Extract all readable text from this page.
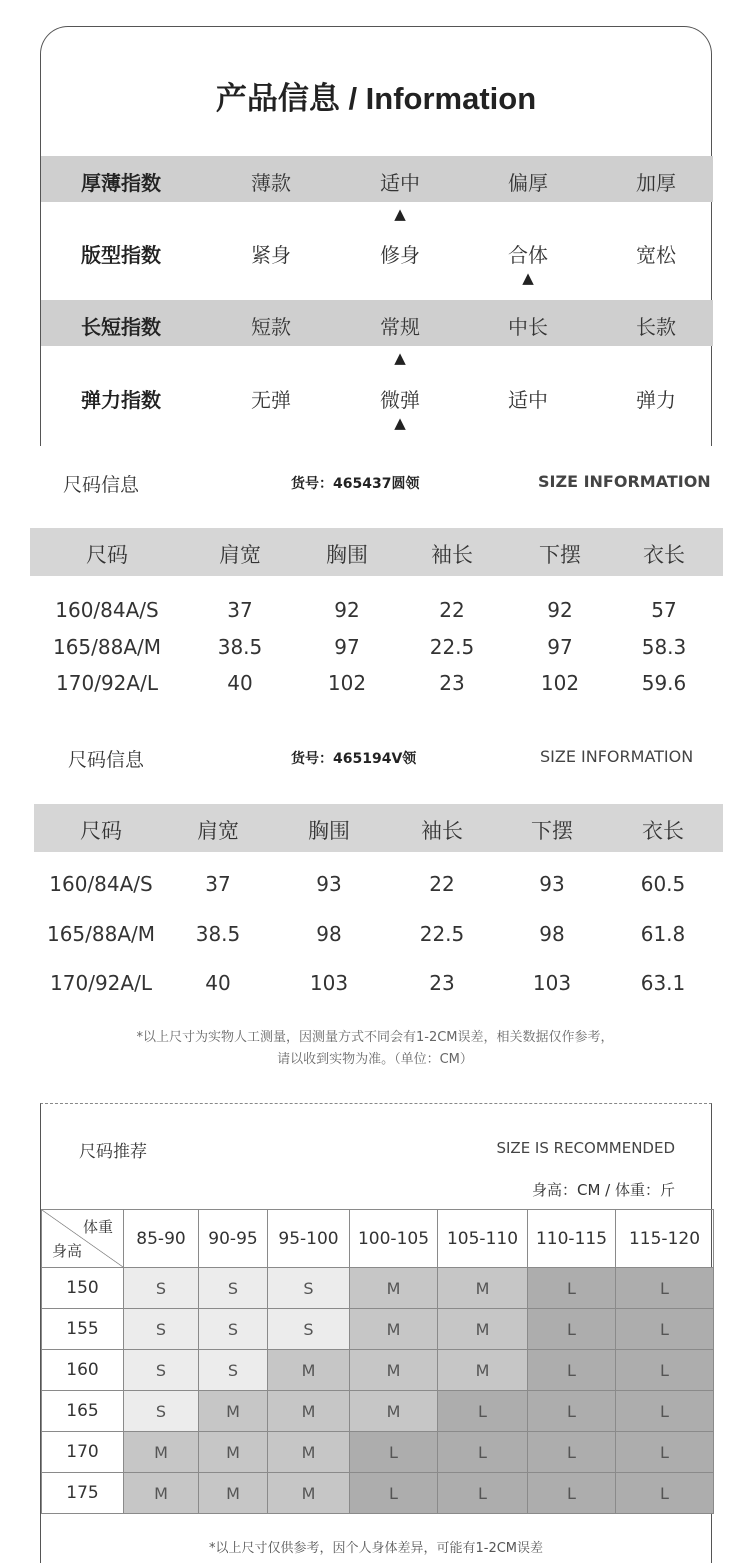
产品信息 / Information
厚薄指数	薄款	适中	偏厚	加厚
▲
版型指数	紧身	修身	合体	宽松
▲
长短指数	短款	常规	中长	长款
▲
弹力指数	无弹	微弹	适中	弹力
▲
尺码信息	货号：465437圆领	SIZE INFORMATION
尺码	肩宽	胸围	袖长	下摆	衣长
160/84A/S	37	92	22	92	57
165/88A/M	38.5	97	22.5	97	58.3
170/92A/L	40	102	23	102	59.6
尺码信息	货号：465194V领	SIZE INFORMATION
尺码	肩宽	胸围	袖长	下摆	衣长
160/84A/S	37	93	22	93	60.5
165/88A/M	38.5	98	22.5	98	61.8
170/92A/L	40	103	23	103	63.1
*以上尺寸为实物人工测量，因测量方式不同会有1-2CM误差，相关数据仅作参考，
请以收到实物为准。（单位：CM）
尺码推荐	SIZE IS RECOMMENDED
身高：CM / 体重：斤
体重
身高	85-90	90-95	95-100	100-105	105-110	110-115	115-120
150	S	S	S	M	M	L	L
155	S	S	S	M	M	L	L
160	S	S	M	M	M	L	L
165	S	M	M	M	L	L	L
170	M	M	M	L	L	L	L
175	M	M	M	L	L	L	L
*以上尺寸仅供参考，因个人身体差异，可能有1-2CM误差
